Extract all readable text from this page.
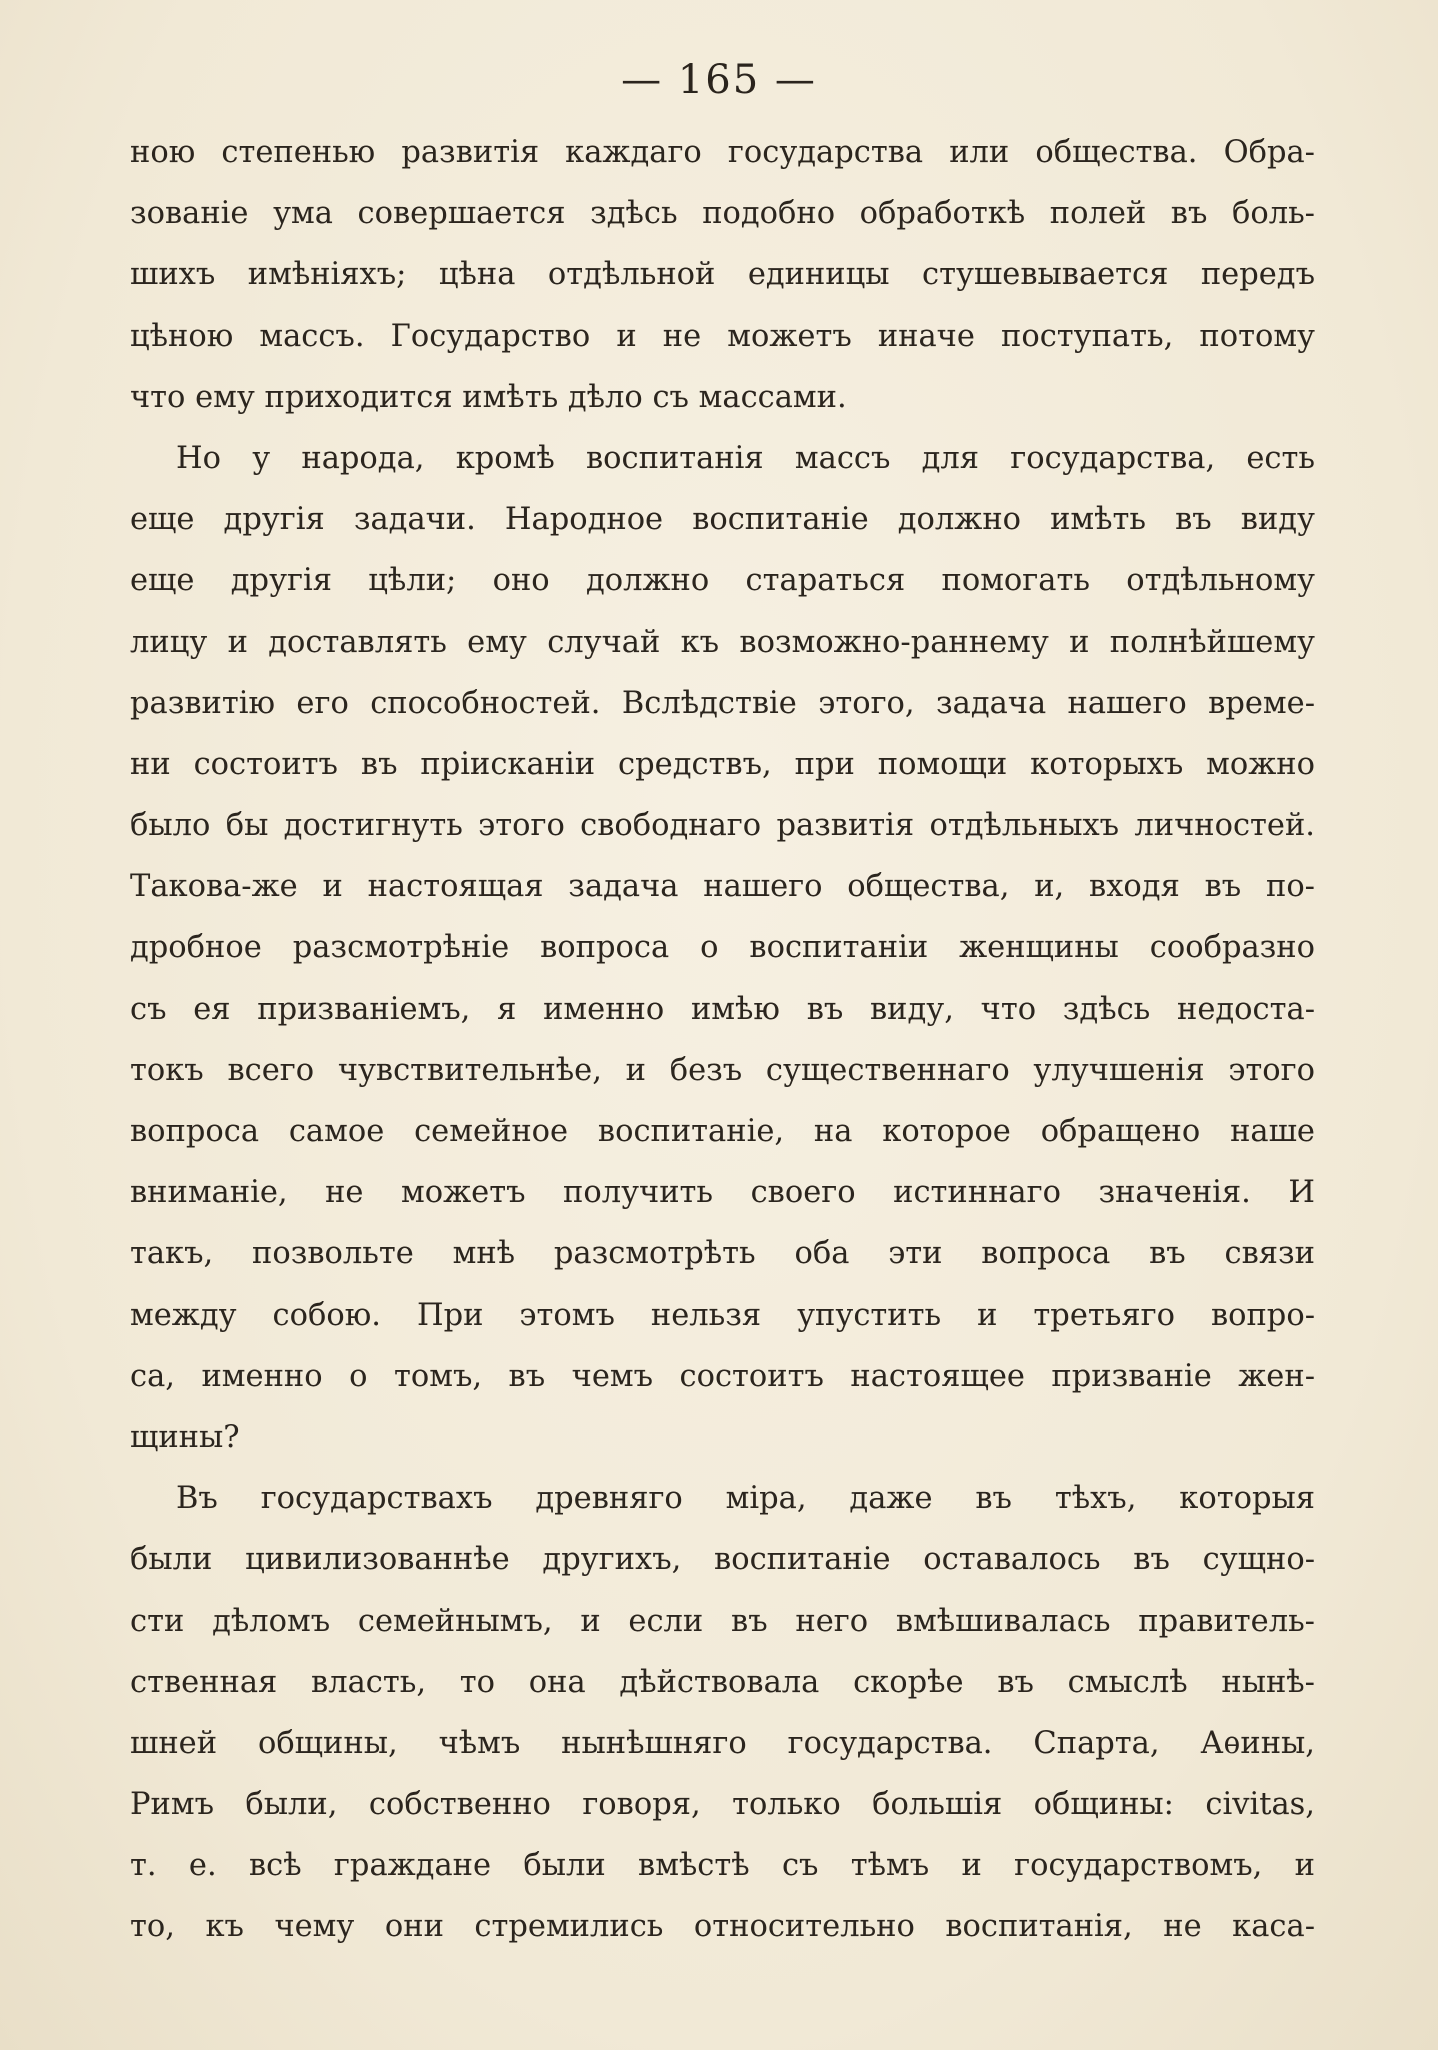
— 165 —
ною степенью развитія каждаго государства или общества. Обра-
зованіе ума совершается здѣсь подобно обработкѣ полей въ боль-
шихъ имѣніяхъ; цѣна отдѣльной единицы стушевывается передъ
цѣною массъ. Государство и не можетъ иначе поступать, потому
что ему приходится имѣть дѣло съ массами.
Но у народа, кромѣ воспитанія массъ для государства, есть
еще другія задачи. Народное воспитаніе должно имѣть въ виду
еще другія цѣли; оно должно стараться помогать отдѣльному
лицу и доставлять ему случай къ возможно-раннему и полнѣйшему
развитію его способностей. Вслѣдствіе этого, задача нашего време-
ни состоитъ въ пріисканіи средствъ, при помощи которыхъ можно
было бы достигнуть этого свободнаго развитія отдѣльныхъ личностей.
Такова-же и настоящая задача нашего общества, и, входя въ по-
дробное разсмотрѣніе вопроса о воспитаніи женщины сообразно
съ ея призваніемъ, я именно имѣю въ виду, что здѣсь недоста-
токъ всего чувствительнѣе, и безъ существеннаго улучшенія этого
вопроса самое семейное воспитаніе, на которое обращено наше
вниманіе, не можетъ получить своего истиннаго значенія. И
такъ, позвольте мнѣ разсмотрѣть оба эти вопроса въ связи
между собою. При этомъ нельзя упустить и третьяго вопро-
са, именно о томъ, въ чемъ состоитъ настоящее призваніе жен-
щины?
Въ государствахъ древняго міра, даже въ тѣхъ, которыя
были цивилизованнѣе другихъ, воспитаніе оставалось въ сущно-
сти дѣломъ семейнымъ, и если въ него вмѣшивалась правитель-
ственная власть, то она дѣйствовала скорѣе въ смыслѣ нынѣ-
шней общины, чѣмъ нынѣшняго государства. Спарта, Аѳины,
Римъ были, собственно говоря, только большія общины: civitas,
т. е. всѣ граждане были вмѣстѣ съ тѣмъ и государствомъ, и
то, къ чему они стремились относительно воспитанія, не каса-
